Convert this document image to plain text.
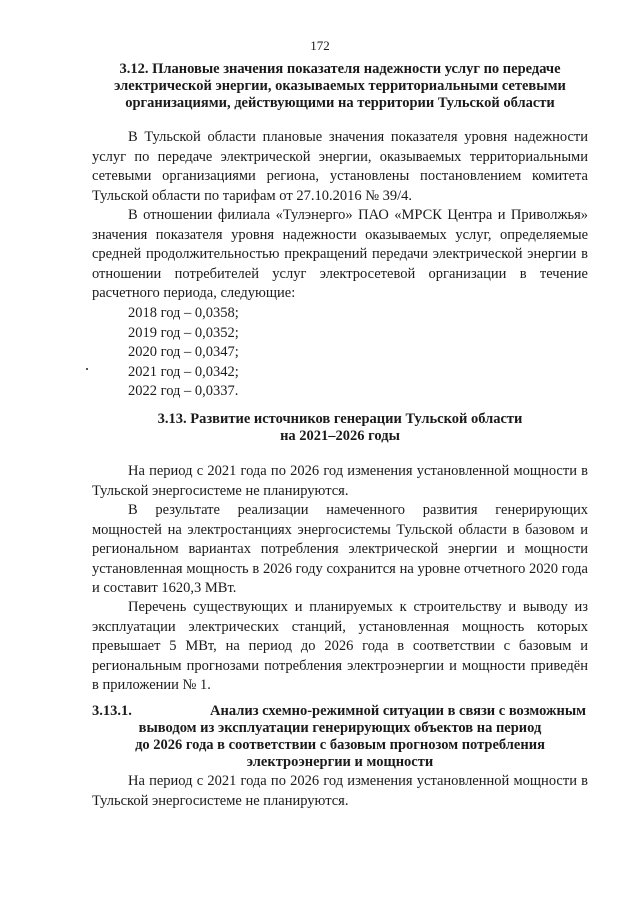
172
3.12. Плановые значения показателя надежности услуг по передаче электрической энергии, оказываемых территориальными сетевыми организациями, действующими на территории Тульской области

В Тульской области плановые значения показателя уровня надежности услуг по передаче электрической энергии, оказываемых территориальными сетевыми организациями региона, установлены постановлением комитета Тульской области по тарифам от 27.10.2016 № 39/4.

В отношении филиала «Тулэнерго» ПАО «МРСК Центра и Приволжья» значения показателя уровня надежности оказываемых услуг, определяемые средней продолжительностью прекращений передачи электрической энергии в отношении потребителей услуг электросетевой организации в течение расчетного периода, следующие:

2018 год – 0,0358;
2019 год – 0,0352;
2020 год – 0,0347;
2021 год – 0,0342;
2022 год – 0,0337.
3.13. Развитие источников генерации Тульской области
на 2021–2026 годы

На период с 2021 года по 2026 год изменения установленной мощности в Тульской энергосистеме не планируются.

В результате реализации намеченного развития генерирующих мощностей на электростанциях энергосистемы Тульской области в базовом и региональном вариантах потребления электрической энергии и мощности установленная мощность в 2026 году сохранится на уровне отчетного 2020 года и составит 1620,3 МВт.

Перечень существующих и планируемых к строительству и выводу из эксплуатации электрических станций, установленная мощность которых превышает 5 МВт, на период до 2026 года в соответствии с базовым и региональным прогнозами потребления электроэнергии и мощности приведён в приложении № 1.

3.13.1.	Анализ схемно-режимной ситуации в связи с возможным
выводом из эксплуатации генерирующих объектов на период
до 2026 года в соответствии с базовым прогнозом потребления
электроэнергии и мощности

На период с 2021 года по 2026 год изменения установленной мощности в Тульской энергосистеме не планируются.
